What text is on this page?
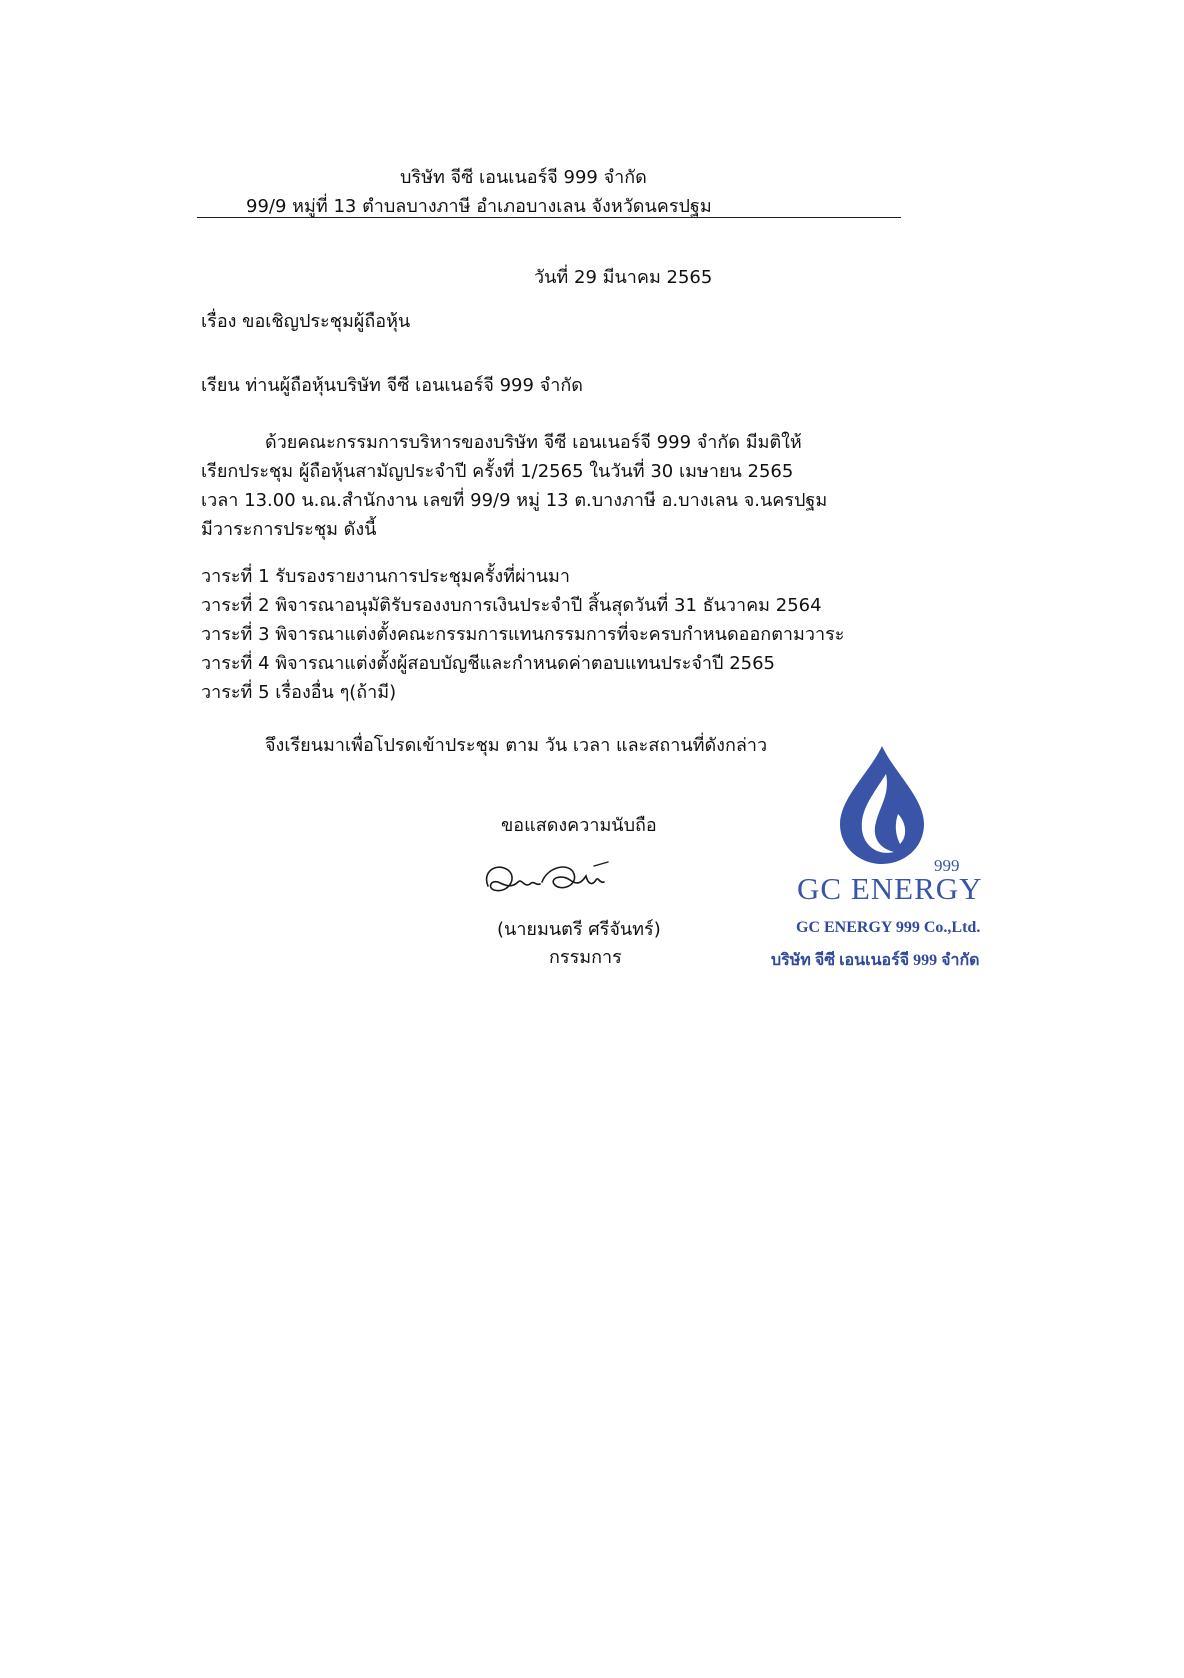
บริษัท จีซี เอนเนอร์จี 999 จำกัด
99/9 หมู่ที่ 13 ตำบลบางภาษี อำเภอบางเลน จังหวัดนครปฐม
วันที่ 29 มีนาคม 2565
เรื่อง ขอเชิญประชุมผู้ถือหุ้น
เรียน ท่านผู้ถือหุ้นบริษัท จีซี เอนเนอร์จี 999 จำกัด
ด้วยคณะกรรมการบริหารของบริษัท จีซี เอนเนอร์จี 999 จำกัด มีมติให้
เรียกประชุม ผู้ถือหุ้นสามัญประจำปี ครั้งที่ 1/2565 ในวันที่ 30 เมษายน 2565
เวลา 13.00 น.ณ.สำนักงาน เลขที่ 99/9 หมู่ 13 ต.บางภาษี อ.บางเลน จ.นครปฐม
มีวาระการประชุม ดังนี้
วาระที่ 1 รับรองรายงานการประชุมครั้งที่ผ่านมา
วาระที่ 2 พิจารณาอนุมัติรับรองงบการเงินประจำปี สิ้นสุดวันที่ 31 ธันวาคม 2564
วาระที่ 3 พิจารณาแต่งตั้งคณะกรรมการแทนกรรมการที่จะครบกำหนดออกตามวาระ
วาระที่ 4 พิจารณาแต่งตั้งผู้สอบบัญชีและกำหนดค่าตอบแทนประจำปี 2565
วาระที่ 5 เรื่องอื่น ๆ(ถ้ามี)
จึงเรียนมาเพื่อโปรดเข้าประชุม ตาม วัน เวลา และสถานที่ดังกล่าว
ขอแสดงความนับถือ
(นายมนตรี ศรีจันทร์)
กรรมการ
999
GC ENERGY
GC ENERGY 999 Co.,Ltd.
บริษัท จีซี เอนเนอร์จี 999 จำกัด
